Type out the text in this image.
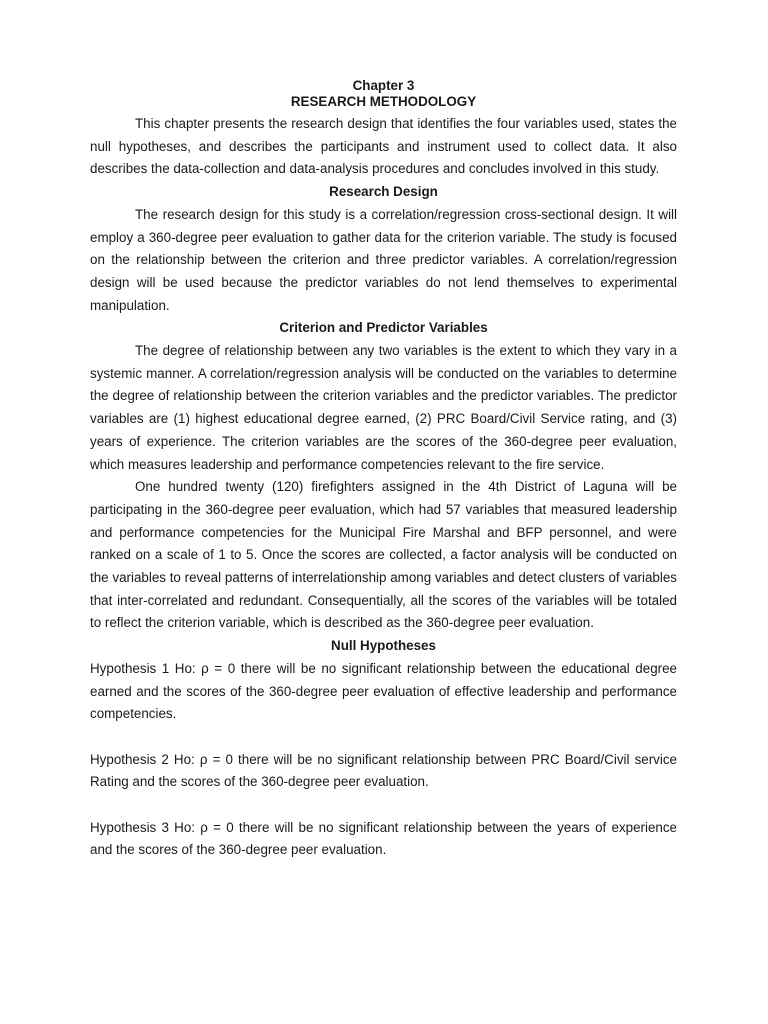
Chapter 3

RESEARCH METHODOLOGY

This chapter presents the research design that identifies the four variables used, states the null hypotheses, and describes the participants and instrument used to collect data. It also describes the data-collection and data-analysis procedures and concludes involved in this study.

Research Design

The research design for this study is a correlation/regression cross-sectional design. It will employ a 360-degree peer evaluation to gather data for the criterion variable. The study is focused on the relationship between the criterion and three predictor variables. A correlation/regression design will be used because the predictor variables do not lend themselves to experimental manipulation.

Criterion and Predictor Variables

The degree of relationship between any two variables is the extent to which they vary in a systemic manner. A correlation/regression analysis will be conducted on the variables to determine the degree of relationship between the criterion variables and the predictor variables. The predictor variables are (1) highest educational degree earned, (2) PRC Board/Civil Service rating, and (3) years of experience. The criterion variables are the scores of the 360-degree peer evaluation, which measures leadership and performance competencies relevant to the fire service.

One hundred twenty (120) firefighters assigned in the 4th District of Laguna will be participating in the 360-degree peer evaluation, which had 57 variables that measured leadership and performance competencies for the Municipal Fire Marshal and BFP personnel, and were ranked on a scale of 1 to 5. Once the scores are collected, a factor analysis will be conducted on the variables to reveal patterns of interrelationship among variables and detect clusters of variables that inter-correlated and redundant. Consequentially, all the scores of the variables will be totaled to reflect the criterion variable, which is described as the 360-degree peer evaluation.

Null Hypotheses

Hypothesis 1 Ho: ρ = 0 there will be no significant relationship between the educational degree earned and the scores of the 360-degree peer evaluation of effective leadership and performance competencies.

Hypothesis 2 Ho: ρ = 0 there will be no significant relationship between PRC Board/Civil service Rating and the scores of the 360-degree peer evaluation.

Hypothesis 3 Ho: ρ = 0 there will be no significant relationship between the years of experience and the scores of the 360-degree peer evaluation.
